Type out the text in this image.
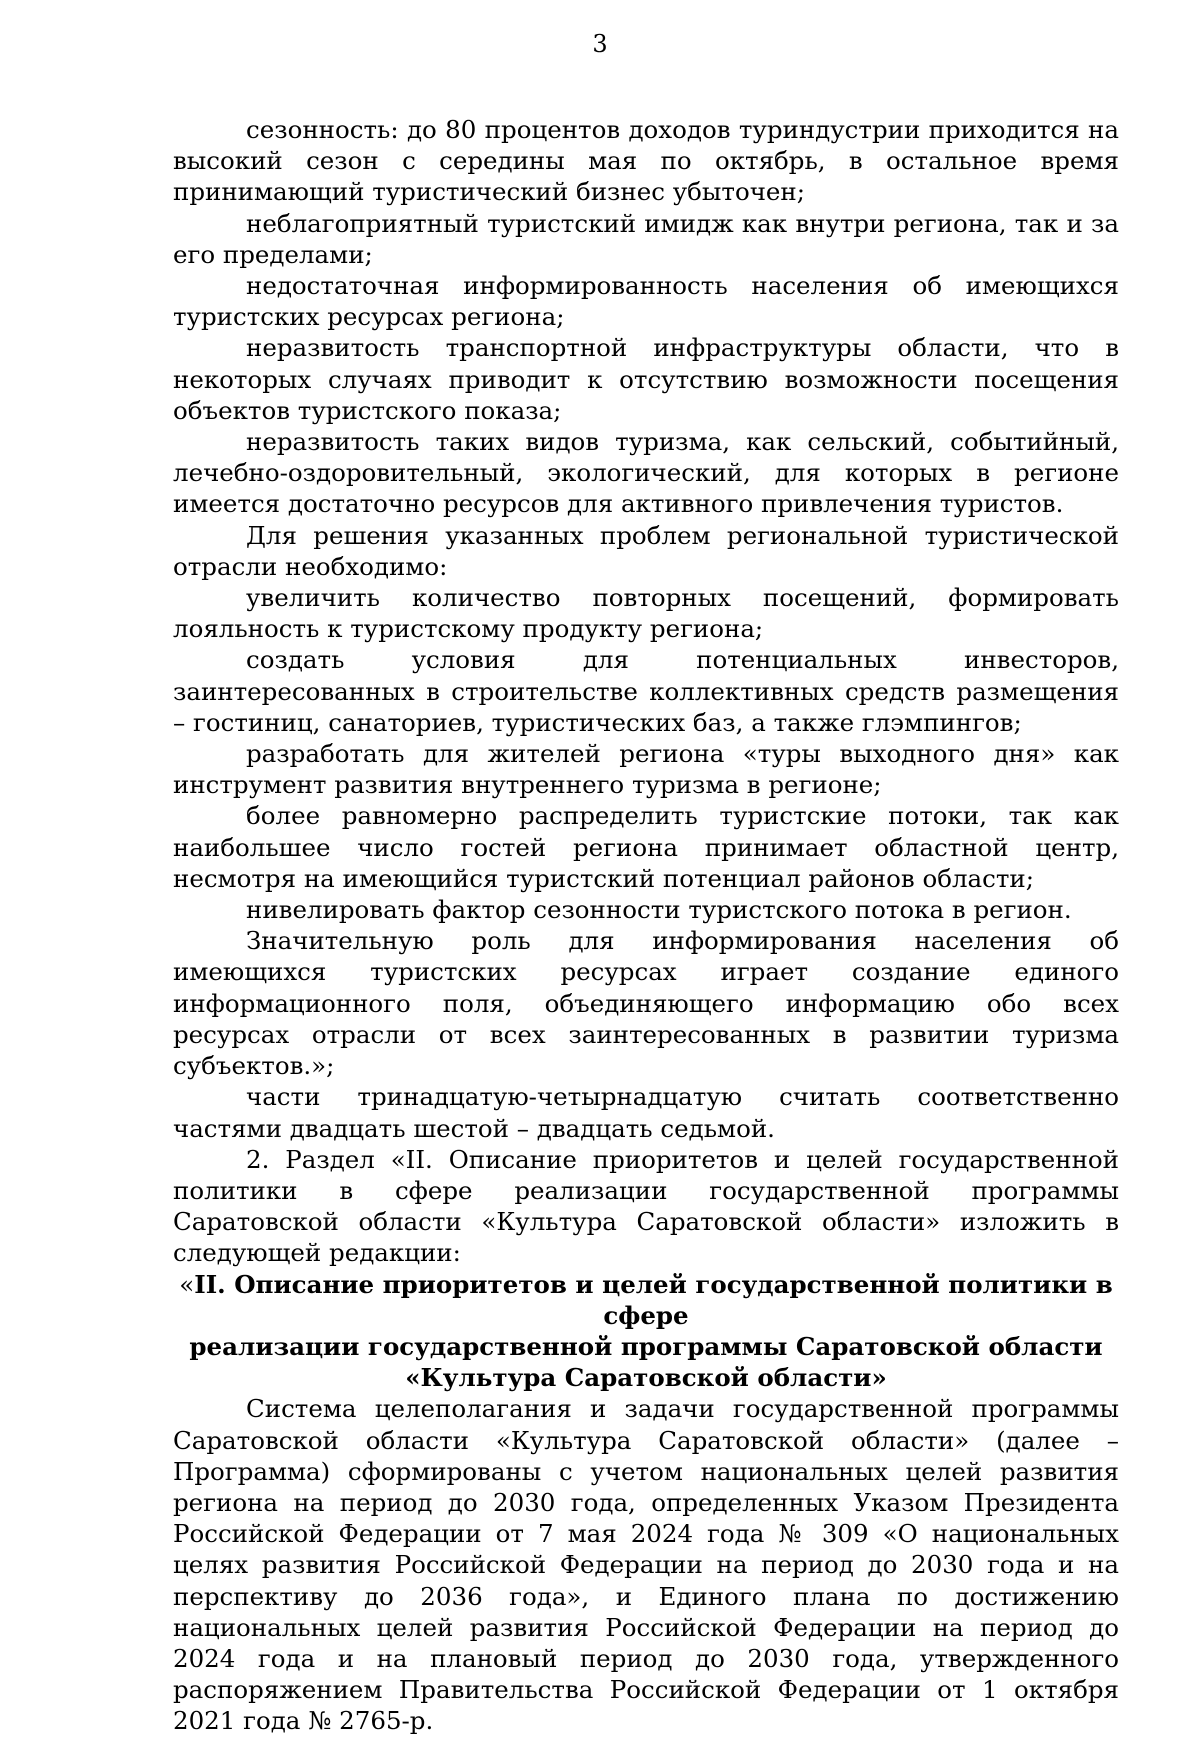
3

сезонность: до 80 процентов доходов туриндустрии приходится на высокий сезон с середины мая по октябрь, в остальное время принимающий туристический бизнес убыточен;

неблагоприятный туристский имидж как внутри региона, так и за его пределами;

недостаточная информированность населения об имеющихся туристских ресурсах региона;

неразвитость транспортной инфраструктуры области, что в некоторых случаях приводит к отсутствию возможности посещения объектов туристского показа;

неразвитость таких видов туризма, как сельский, событийный, лечебно-оздоровительный, экологический, для которых в регионе имеется достаточно ресурсов для активного привлечения туристов.

Для решения указанных проблем региональной туристической отрасли необходимо:

увеличить количество повторных посещений, формировать лояльность к туристскому продукту региона;

создать условия для потенциальных инвесторов, заинтересованных в строительстве коллективных средств размещения – гостиниц, санаториев, туристических баз, а также глэмпингов;

разработать для жителей региона «туры выходного дня» как инструмент развития внутреннего туризма в регионе;

более равномерно распределить туристские потоки, так как наибольшее число гостей региона принимает областной центр, несмотря на имеющийся туристский потенциал районов области;

нивелировать фактор сезонности туристского потока в регион.

Значительную роль для информирования населения об имеющихся туристских ресурсах играет создание единого информационного поля, объединяющего информацию обо всех ресурсах отрасли от всех заинтересованных в развитии туризма субъектов.»;

части тринадцатую-четырнадцатую считать соответственно частями двадцать шестой – двадцать седьмой.

2. Раздел «II. Описание приоритетов и целей государственной политики в сфере реализации государственной программы Саратовской области «Культура Саратовской области» изложить в следующей редакции:

«II. Описание приоритетов и целей государственной политики в сфере
реализации государственной программы Саратовской области
«Культура Саратовской области»

Система целеполагания и задачи государственной программы Саратовской области «Культура Саратовской области» (далее – Программа) сформированы с учетом национальных целей развития региона на период до 2030 года, определенных Указом Президента Российской Федерации от 7 мая 2024 года № 309 «О национальных целях развития Российской Федерации на период до 2030 года и на перспективу до 2036 года», и Единого плана по достижению национальных целей развития Российской Федерации на период до 2024 года и на плановый период до 2030 года, утвержденного распоряжением Правительства Российской Федерации от 1 октября 2021 года № 2765-р.
